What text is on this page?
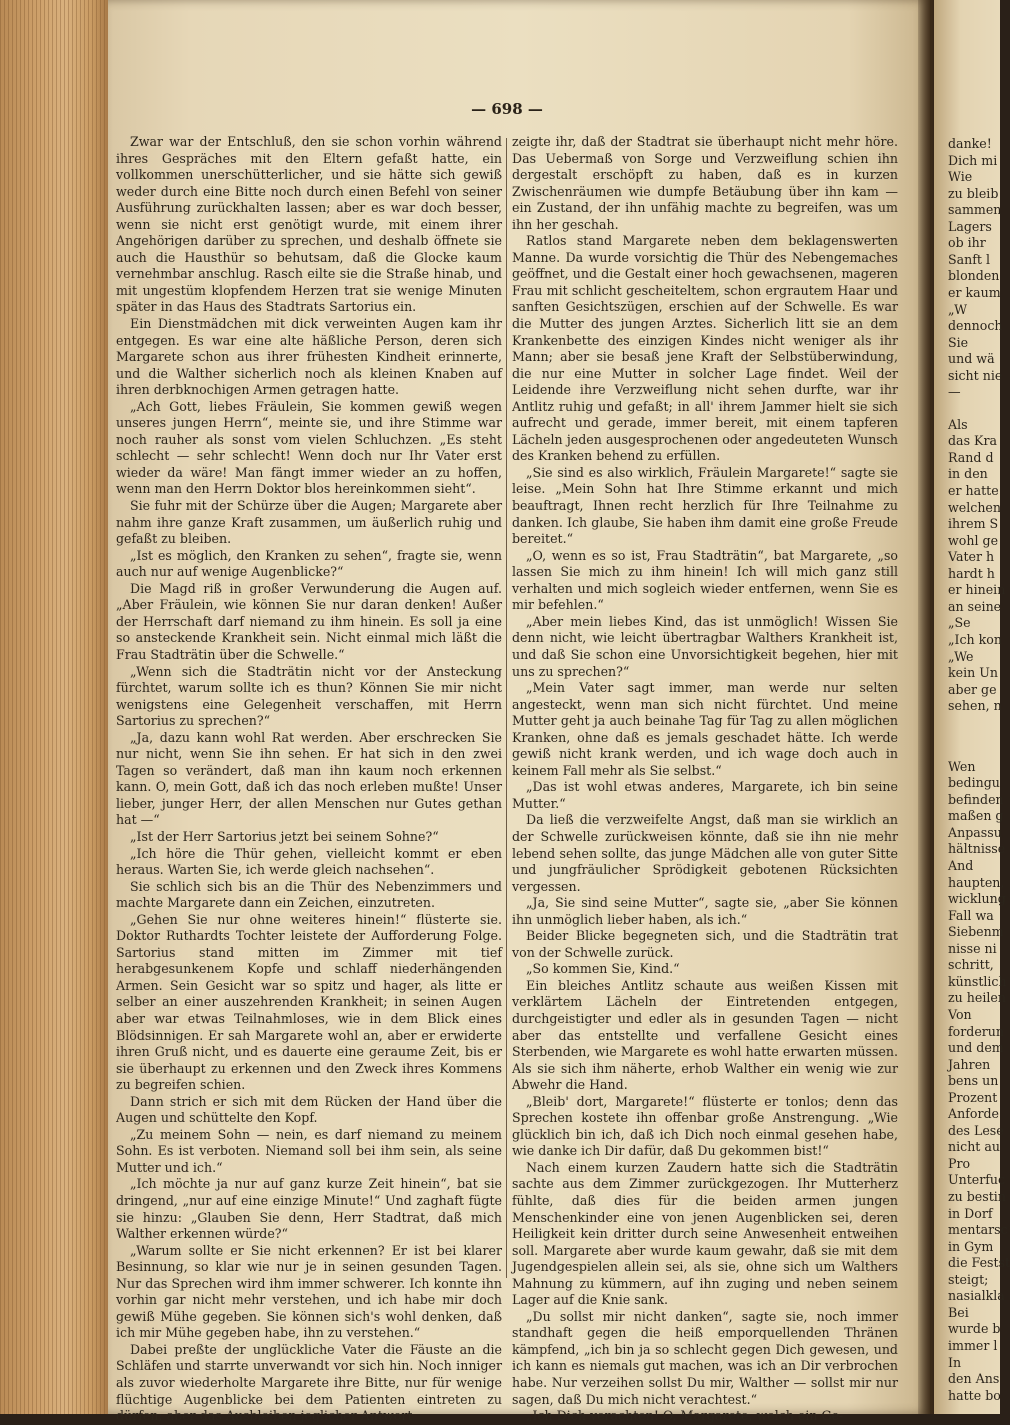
danke!
Dich mi
Wie
zu bleib
sammen
Lagers
ob ihr
Sanft l
blonden
er kaum
„W
dennoch
Sie
und wä
sicht nie
—
Als
das Kra
Rand d
in den
er hatte
welchen
ihrem S
wohl ge
Vater h
hardt h
er hinein
an seine
„Se
„Ich kon
„We
kein Un
aber ge
sehen, n
Wen
bedingu
befinden
maßen g
Anpassu
hältnisse
And
haupten,
wicklung
Fall wa
Siebenm
nisse ni
schritt,
künstlich
zu heilen
Von
forderun
und dem
Jahren
bens un
Prozent
Anforde
des Lese
nicht au
Pro
Unterfuc
zu bestin
in Dorf
mentarsc
in Gym
die Festst
steigt;
nasialkla
Bei
wurde b
immer l
In
den Ans
hatte bo
— 698 —

Zwar war der Entschluß, den sie schon vorhin während ihres Gespräches mit den Eltern gefaßt hatte, ein vollkommen unerschütterlicher, und sie hätte sich gewiß weder durch eine Bitte noch durch einen Befehl von seiner Ausführung zurückhalten lassen; aber es war doch besser, wenn sie nicht erst genötigt wurde, mit einem ihrer Angehörigen darüber zu sprechen, und deshalb öffnete sie auch die Hausthür so behutsam, daß die Glocke kaum vernehmbar anschlug. Rasch eilte sie die Straße hinab, und mit ungestüm klopfendem Herzen trat sie wenige Minuten später in das Haus des Stadtrats Sartorius ein.

Ein Dienstmädchen mit dick verweinten Augen kam ihr entgegen. Es war eine alte häßliche Person, deren sich Margarete schon aus ihrer frühesten Kindheit erinnerte, und die Walther sicherlich noch als kleinen Knaben auf ihren derbknochigen Armen getragen hatte.

„Ach Gott, liebes Fräulein, Sie kommen gewiß wegen unseres jungen Herrn“, meinte sie, und ihre Stimme war noch rauher als sonst vom vielen Schluchzen. „Es steht schlecht — sehr schlecht! Wenn doch nur Ihr Vater erst wieder da wäre! Man fängt immer wieder an zu hoffen, wenn man den Herrn Doktor blos hereinkommen sieht“.

Sie fuhr mit der Schürze über die Augen; Margarete aber nahm ihre ganze Kraft zusammen, um äußerlich ruhig und gefaßt zu bleiben.

„Ist es möglich, den Kranken zu sehen“, fragte sie, wenn auch nur auf wenige Augenblicke?“

Die Magd riß in großer Verwunderung die Augen auf. „Aber Fräulein, wie können Sie nur daran denken! Außer der Herrschaft darf niemand zu ihm hinein. Es soll ja eine so ansteckende Krankheit sein. Nicht einmal mich läßt die Frau Stadträtin über die Schwelle.“

„Wenn sich die Stadträtin nicht vor der Ansteckung fürchtet, warum sollte ich es thun? Können Sie mir nicht wenigstens eine Gelegenheit verschaffen, mit Herrn Sartorius zu sprechen?“

„Ja, dazu kann wohl Rat werden. Aber erschrecken Sie nur nicht, wenn Sie ihn sehen. Er hat sich in den zwei Tagen so verändert, daß man ihn kaum noch erkennen kann. O, mein Gott, daß ich das noch erleben mußte! Unser lieber, junger Herr, der allen Menschen nur Gutes gethan hat —“

„Ist der Herr Sartorius jetzt bei seinem Sohne?“

„Ich höre die Thür gehen, vielleicht kommt er eben heraus. Warten Sie, ich werde gleich nachsehen“.

Sie schlich sich bis an die Thür des Nebenzimmers und machte Margarete dann ein Zeichen, einzutreten.

„Gehen Sie nur ohne weiteres hinein!“ flüsterte sie. Doktor Ruthardts Tochter leistete der Aufforderung Folge. Sartorius stand mitten im Zimmer mit tief herabgesunkenem Kopfe und schlaff niederhängenden Armen. Sein Gesicht war so spitz und hager, als litte er selber an einer auszehrenden Krankheit; in seinen Augen aber war etwas Teilnahmloses, wie in dem Blick eines Blödsinnigen. Er sah Margarete wohl an, aber er erwiderte ihren Gruß nicht, und es dauerte eine geraume Zeit, bis er sie überhaupt zu erkennen und den Zweck ihres Kommens zu begreifen schien.

Dann strich er sich mit dem Rücken der Hand über die Augen und schüttelte den Kopf.

„Zu meinem Sohn — nein, es darf niemand zu meinem Sohn. Es ist verboten. Niemand soll bei ihm sein, als seine Mutter und ich.“

„Ich möchte ja nur auf ganz kurze Zeit hinein“, bat sie dringend, „nur auf eine einzige Minute!“ Und zaghaft fügte sie hinzu: „Glauben Sie denn, Herr Stadtrat, daß mich Walther erkennen würde?“

„Warum sollte er Sie nicht erkennen? Er ist bei klarer Besinnung, so klar wie nur je in seinen gesunden Tagen. Nur das Sprechen wird ihm immer schwerer. Ich konnte ihn vorhin gar nicht mehr verstehen, und ich habe mir doch gewiß Mühe gegeben. Sie können sich's wohl denken, daß ich mir Mühe gegeben habe, ihn zu verstehen.“

Dabei preßte der unglückliche Vater die Fäuste an die Schläfen und starrte unverwandt vor sich hin. Noch inniger als zuvor wiederholte Margarete ihre Bitte, nur für wenige flüchtige Augenblicke bei dem Patienten eintreten zu dürfen; aber das Ausbleiben jeglicher Antwort

zeigte ihr, daß der Stadtrat sie überhaupt nicht mehr höre. Das Uebermaß von Sorge und Verzweiflung schien ihn dergestalt erschöpft zu haben, daß es in kurzen Zwischenräumen wie dumpfe Betäubung über ihn kam — ein Zustand, der ihn unfähig machte zu begreifen, was um ihn her geschah.

Ratlos stand Margarete neben dem beklagenswerten Manne. Da wurde vorsichtig die Thür des Nebengemaches geöffnet, und die Gestalt einer hoch gewachsenen, mageren Frau mit schlicht gescheiteltem, schon ergrautem Haar und sanften Gesichtszügen, erschien auf der Schwelle. Es war die Mutter des jungen Arztes. Sicherlich litt sie an dem Krankenbette des einzigen Kindes nicht weniger als ihr Mann; aber sie besaß jene Kraft der Selbstüberwindung, die nur eine Mutter in solcher Lage findet. Weil der Leidende ihre Verzweiflung nicht sehen durfte, war ihr Antlitz ruhig und gefaßt; in all' ihrem Jammer hielt sie sich aufrecht und gerade, immer bereit, mit einem tapferen Lächeln jeden ausgesprochenen oder angedeuteten Wunsch des Kranken behend zu erfüllen.

„Sie sind es also wirklich, Fräulein Margarete!“ sagte sie leise. „Mein Sohn hat Ihre Stimme erkannt und mich beauftragt, Ihnen recht herzlich für Ihre Teilnahme zu danken. Ich glaube, Sie haben ihm damit eine große Freude bereitet.“

„O, wenn es so ist, Frau Stadträtin“, bat Margarete, „so lassen Sie mich zu ihm hinein! Ich will mich ganz still verhalten und mich sogleich wieder entfernen, wenn Sie es mir befehlen.“

„Aber mein liebes Kind, das ist unmöglich! Wissen Sie denn nicht, wie leicht übertragbar Walthers Krankheit ist, und daß Sie schon eine Unvorsichtigkeit begehen, hier mit uns zu sprechen?“

„Mein Vater sagt immer, man werde nur selten angesteckt, wenn man sich nicht fürchtet. Und meine Mutter geht ja auch beinahe Tag für Tag zu allen möglichen Kranken, ohne daß es jemals geschadet hätte. Ich werde gewiß nicht krank werden, und ich wage doch auch in keinem Fall mehr als Sie selbst.“

„Das ist wohl etwas anderes, Margarete, ich bin seine Mutter.“

Da ließ die verzweifelte Angst, daß man sie wirklich an der Schwelle zurückweisen könnte, daß sie ihn nie mehr lebend sehen sollte, das junge Mädchen alle von guter Sitte und jungfräulicher Sprödigkeit gebotenen Rücksichten vergessen.

„Ja, Sie sind seine Mutter“, sagte sie, „aber Sie können ihn unmöglich lieber haben, als ich.“

Beider Blicke begegneten sich, und die Stadträtin trat von der Schwelle zurück.

„So kommen Sie, Kind.“

Ein bleiches Antlitz schaute aus weißen Kissen mit verklärtem Lächeln der Eintretenden entgegen, durchgeistigter und edler als in gesunden Tagen — nicht aber das entstellte und verfallene Gesicht eines Sterbenden, wie Margarete es wohl hatte erwarten müssen. Als sie sich ihm näherte, erhob Walther ein wenig wie zur Abwehr die Hand.

„Bleib' dort, Margarete!“ flüsterte er tonlos; denn das Sprechen kostete ihn offenbar große Anstrengung. „Wie glücklich bin ich, daß ich Dich noch einmal gesehen habe, wie danke ich Dir dafür, daß Du gekommen bist!“

Nach einem kurzen Zaudern hatte sich die Stadträtin sachte aus dem Zimmer zurückgezogen. Ihr Mutterherz fühlte, daß dies für die beiden armen jungen Menschenkinder eine von jenen Augenblicken sei, deren Heiligkeit kein dritter durch seine Anwesenheit entweihen soll. Margarete aber wurde kaum gewahr, daß sie mit dem Jugendgespielen allein sei, als sie, ohne sich um Walthers Mahnung zu kümmern, auf ihn zuging und neben seinem Lager auf die Knie sank.

„Du sollst mir nicht danken“, sagte sie, noch immer standhaft gegen die heiß emporquellenden Thränen kämpfend, „ich bin ja so schlecht gegen Dich gewesen, und ich kann es niemals gut machen, was ich an Dir verbrochen habe. Nur verzeihen sollst Du mir, Walther — sollst mir nur sagen, daß Du mich nicht verachtest.“

„Ich Dich verachten! O, Margarete, welch ein Ge-
